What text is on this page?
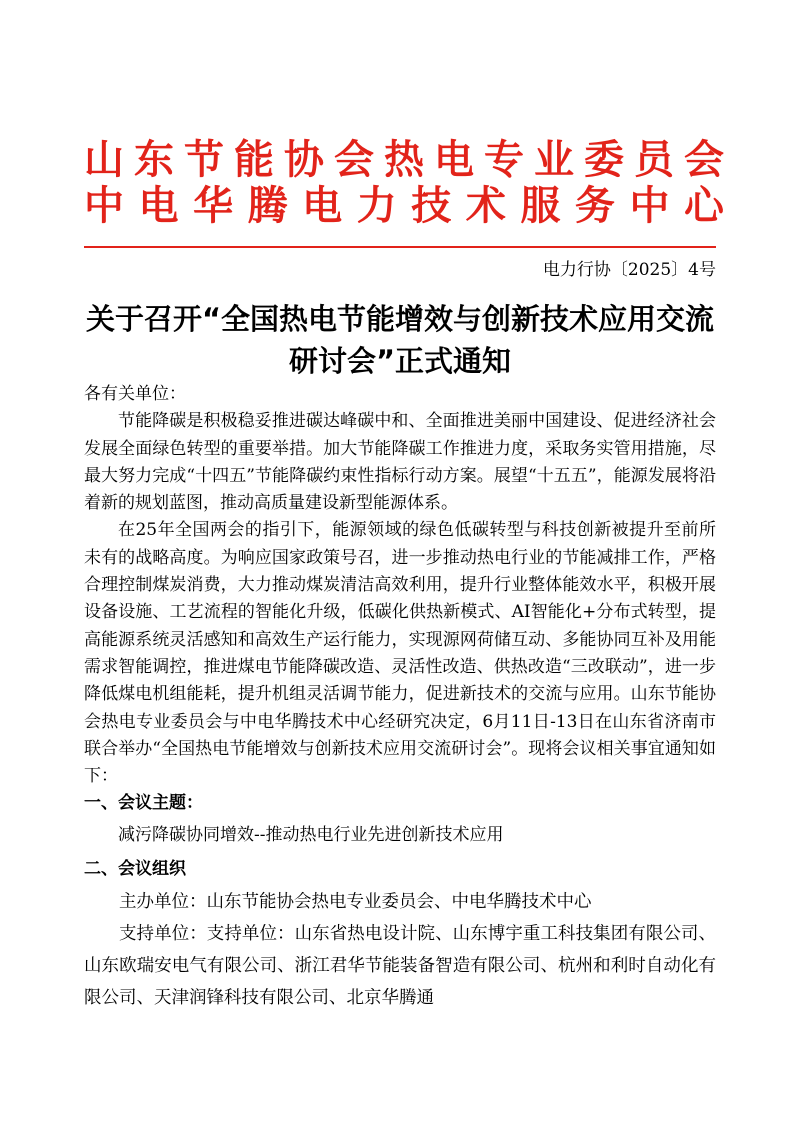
山东节能协会热电专业委员会
中电华腾电力技术服务中心
电力行协〔2025〕4号
关于召开“全国热电节能增效与创新技术应用交流研讨会”正式通知

各有关单位：

节能降碳是积极稳妥推进碳达峰碳中和、全面推进美丽中国建设、促进经济社会发展全面绿色转型的重要举措。加大节能降碳工作推进力度，采取务实管用措施，尽最大努力完成“十四五”节能降碳约束性指标行动方案。展望“十五五”，能源发展将沿着新的规划蓝图，推动高质量建设新型能源体系。

在25年全国两会的指引下，能源领域的绿色低碳转型与科技创新被提升至前所未有的战略高度。为响应国家政策号召，进一步推动热电行业的节能减排工作，严格合理控制煤炭消费，大力推动煤炭清洁高效利用，提升行业整体能效水平，积极开展设备设施、工艺流程的智能化升级，低碳化供热新模式、AI智能化+分布式转型，提高能源系统灵活感知和高效生产运行能力，实现源网荷储互动、多能协同互补及用能需求智能调控，推进煤电节能降碳改造、灵活性改造、供热改造“三改联动”，进一步降低煤电机组能耗，提升机组灵活调节能力，促进新技术的交流与应用。山东节能协会热电专业委员会与中电华腾技术中心经研究决定，6月11日-13日在山东省济南市联合举办“全国热电节能增效与创新技术应用交流研讨会”。现将会议相关事宜通知如下：

一、会议主题：

减污降碳协同增效--推动热电行业先进创新技术应用

二、会议组织

主办单位：山东节能协会热电专业委员会、中电华腾技术中心

支持单位：支持单位：山东省热电设计院、山东博宇重工科技集团有限公司、山东欧瑞安电气有限公司、浙江君华节能装备智造有限公司、杭州和利时自动化有限公司、天津润锋科技有限公司、北京华腾通
